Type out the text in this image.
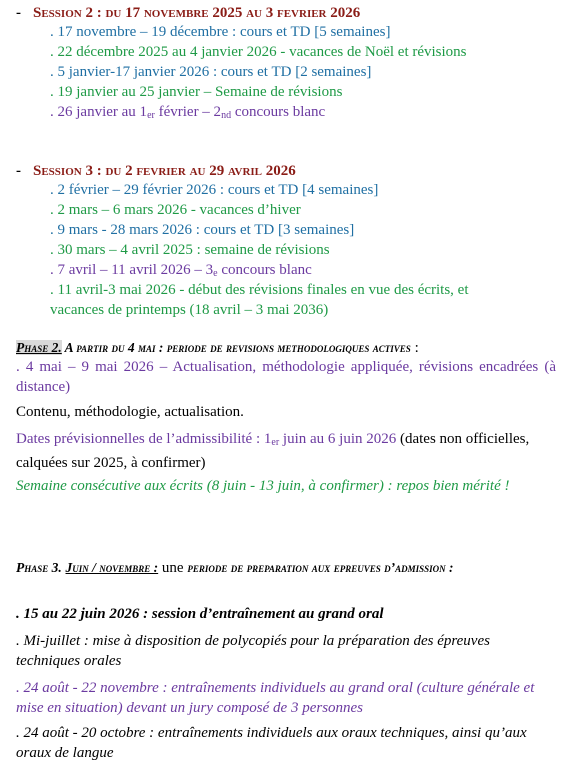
- Session 2 : du 17 novembre 2025 au 3 fevrier 2026
. 17 novembre – 19 décembre : cours et TD [5 semaines]
. 22 décembre 2025 au 4 janvier 2026 - vacances de Noël et révisions
. 5 janvier-17 janvier 2026 : cours et TD [2 semaines]
. 19 janvier au 25 janvier – Semaine de révisions
. 26 janvier au $1_{er}$ février – $2_{nd}$ concours blanc
- Session 3 : du 2 fevrier au 29 avril 2026
. 2 février – 29 février 2026 : cours et TD [4 semaines]
. 2 mars – 6 mars 2026 - vacances d’hiver
. 9 mars - 28 mars 2026 : cours et TD [3 semaines]
. 30 mars – 4 avril 2025 : semaine de révisions
. 7 avril – 11 avril $2026 - 3_e$ concours blanc
. 11 avril-3 mai 2026 - début des révisions finales en vue des écrits, et
vacances de printemps (18 avril – 3 mai 2036)
Phase 2. A partir du 4 mai : periode de revisions methodologiques actives :
. 4 mai – 9 mai 2026 – Actualisation, méthodologie appliquée, révisions encadrées (à distance)
Contenu, méthodologie, actualisation.
Dates prévisionnelles de l’admissibilité : $1_{er}$ juin au 6 juin 2026 (dates non officielles, calquées sur 2025, à confirmer)
Semaine consécutive aux écrits (8 juin - 13 juin, à confirmer) : repos bien mérité !
Phase 3. Juin / novembre : une periode de preparation aux epreuves d’admission :
. 15 au 22 juin 2026 : session d’entraînement au grand oral
. Mi-juillet : mise à disposition de polycopiés pour la préparation des épreuves techniques orales
. 24 août - 22 novembre : entraînements individuels au grand oral (culture générale et mise en situation) devant un jury composé de 3 personnes
. 24 août - 20 octobre : entraînements individuels aux oraux techniques, ainsi qu’aux oraux de langue
